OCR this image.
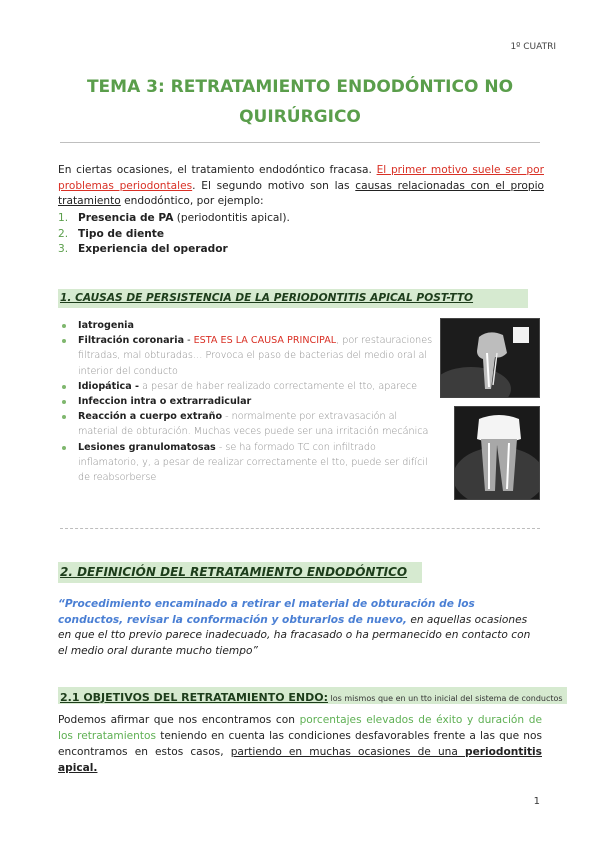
1º CUATRI
TEMA 3: RETRATAMIENTO ENDODÓNTICO NO
QUIRÚRGICO
En ciertas ocasiones, el tratamiento endodóntico fracasa. El primer motivo suele ser por problemas periodontales. El segundo motivo son las causas relacionadas con el propio tratamiento endodóntico, por ejemplo:
1. Presencia de PA (periodontitis apical).
2. Tipo de diente
3. Experiencia del operador
1. CAUSAS DE PERSISTENCIA DE LA PERIODONTITIS APICAL POST-TTO
Iatrogenia
Filtración coronaria - ESTA ES LA CAUSA PRINCIPAL, por restauraciones filtradas, mal obturadas… Provoca el paso de bacterias del medio oral al interior del conducto
Idiopática - a pesar de haber realizado correctamente el tto, aparece
Infeccion intra o extrarradicular
Reacción a cuerpo extraño - normalmente por extravasación al material de obturación. Muchas veces puede ser una irritación mecánica
Lesiones granulomatosas - se ha formado TC con infiltrado inflamatorio, y, a pesar de realizar correctamente el tto, puede ser difícil de reabsorberse
2. DEFINICIÓN DEL RETRATAMIENTO ENDODÓNTICO
“Procedimiento encaminado a retirar el material de obturación de los conductos, revisar la conformación y obturarlos de nuevo, en aquellas ocasiones en que el tto previo parece inadecuado, ha fracasado o ha permanecido en contacto con el medio oral durante mucho tiempo”
2.1 OBJETIVOS DEL RETRATAMIENTO ENDO: los mismos que en un tto inicial del sistema de conductos
Podemos afirmar que nos encontramos con porcentajes elevados de éxito y duración de los retratamientos teniendo en cuenta las condiciones desfavorables frente a las que nos encontramos en estos casos, partiendo en muchas ocasiones de una periodontitis apical.
1
